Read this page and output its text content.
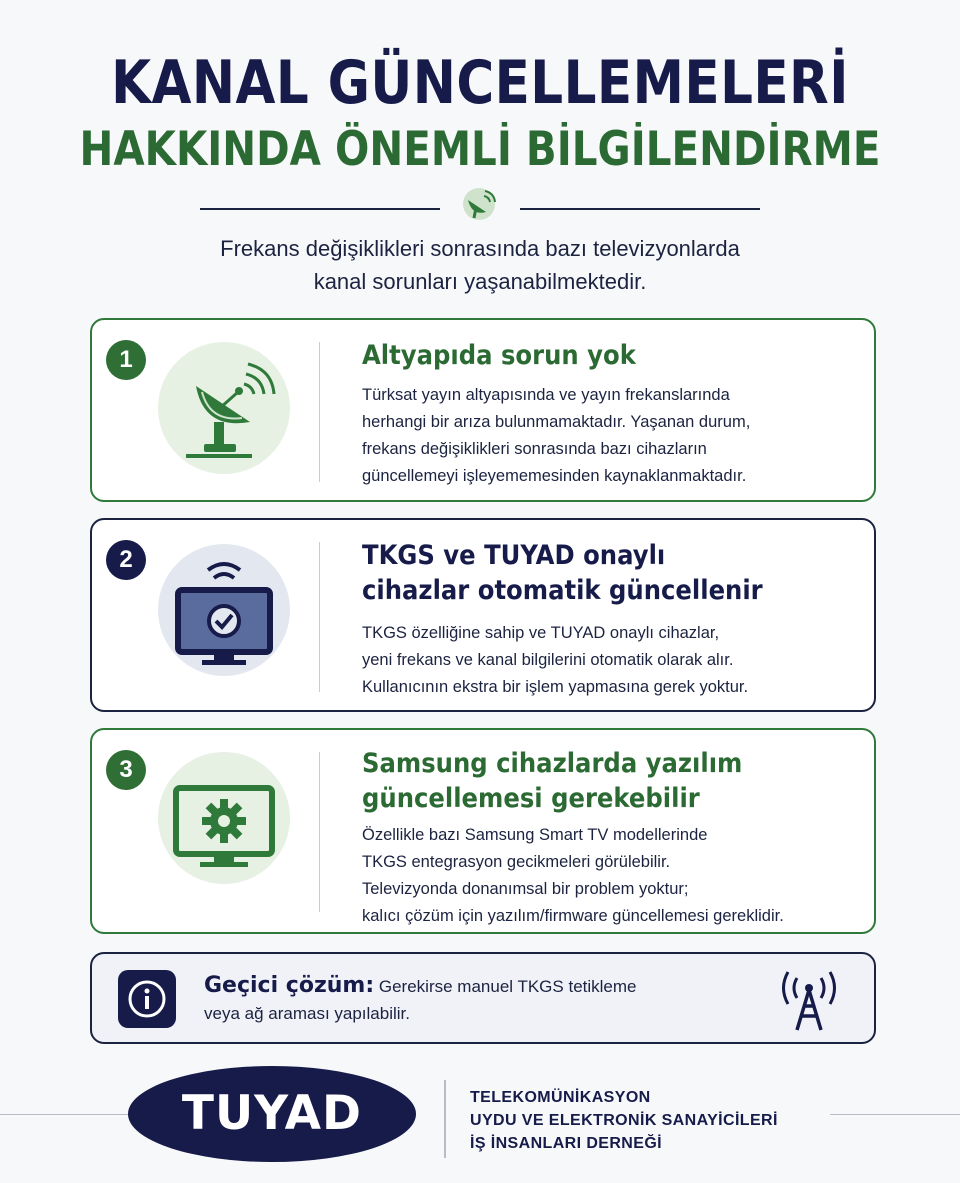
KANAL GÜNCELLEMELERİ
HAKKINDA ÖNEMLİ BİLGİLENDİRME
Frekans değişiklikleri sonrasında bazı televizyonlarda
kanal sorunları yaşanabilmektedir.
1	Altyapıda sorun yok
Türksat yayın altyapısında ve yayın frekanslarında
herhangi bir arıza bulunmamaktadır. Yaşanan durum,
frekans değişiklikleri sonrasında bazı cihazların
güncellemeyi işleyememesinden kaynaklanmaktadır.
2	TKGS ve TUYAD onaylı
cihazlar otomatik güncellenir
TKGS özelliğine sahip ve TUYAD onaylı cihazlar,
yeni frekans ve kanal bilgilerini otomatik olarak alır.
Kullanıcının ekstra bir işlem yapmasına gerek yoktur.
3	Samsung cihazlarda yazılım
güncellemesi gerekebilir
Özellikle bazı Samsung Smart TV modellerinde
TKGS entegrasyon gecikmeleri görülebilir.
Televizyonda donanımsal bir problem yoktur;
kalıcı çözüm için yazılım/firmware güncellemesi gereklidir.
Geçici çözüm: Gerekirse manuel TKGS tetikleme
veya ağ araması yapılabilir.
TUYAD	TELEKOMÜNİKASYON
UYDU VE ELEKTRONİK SANAYİCİLERİ
İŞ İNSANLARI DERNEĞİ
